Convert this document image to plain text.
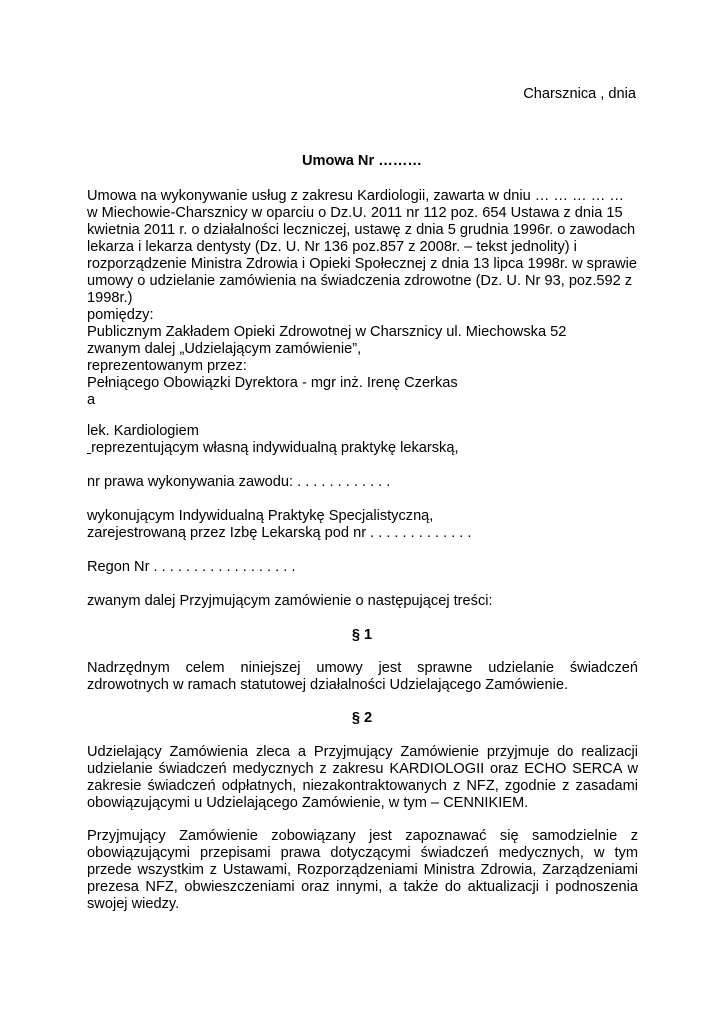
Charsznica , dnia
Umowa Nr ………
Umowa na wykonywanie usług z zakresu Kardiologii, zawarta w dniu … … … … …
w Miechowie-Charsznicy w oparciu o Dz.U. 2011 nr 112 poz. 654 Ustawa z dnia 15
kwietnia 2011 r. o działalności leczniczej, ustawę z dnia 5 grudnia 1996r. o zawodach
lekarza i lekarza dentysty (Dz. U. Nr 136 poz.857 z 2008r. – tekst jednolity) i
rozporządzenie Ministra Zdrowia i Opieki Społecznej z dnia 13 lipca 1998r. w sprawie
umowy o udzielanie zamówienia na świadczenia zdrowotne (Dz. U. Nr 93, poz.592 z
1998r.)
pomiędzy:
Publicznym Zakładem Opieki Zdrowotnej w Charsznicy ul. Miechowska 52
zwanym dalej „Udzielającym zamówienie”,
reprezentowanym przez:
Pełniącego Obowiązki Dyrektora - mgr inż. Irenę Czerkas
a
lek. Kardiologiem
reprezentującym własną indywidualną praktykę lekarską,
nr prawa wykonywania zawodu: . . . . . . . . . . . .
wykonującym Indywidualną Praktykę Specjalistyczną,
zarejestrowaną przez Izbę Lekarską pod nr . . . . . . . . . . . . .
Regon Nr . . . . . . . . . . . . . . . . . .
zwanym dalej Przyjmującym zamówienie o następującej treści:
§ 1
Nadrzędnym celem niniejszej umowy jest sprawne udzielanie świadczeń zdrowotnych w ramach statutowej działalności Udzielającego Zamówienie.
§ 2
Udzielający Zamówienia zleca a Przyjmujący Zamówienie przyjmuje do realizacji udzielanie świadczeń medycznych z zakresu KARDIOLOGII oraz ECHO SERCA w zakresie świadczeń odpłatnych, niezakontraktowanych z NFZ, zgodnie z zasadami obowiązującymi u Udzielającego Zamówienie, w tym – CENNIKIEM.
Przyjmujący Zamówienie zobowiązany jest zapoznawać się samodzielnie z obowiązującymi przepisami prawa dotyczącymi świadczeń medycznych, w tym przede wszystkim z Ustawami, Rozporządzeniami Ministra Zdrowia, Zarządzeniami prezesa NFZ, obwieszczeniami oraz innymi, a także do aktualizacji i podnoszenia swojej wiedzy.
